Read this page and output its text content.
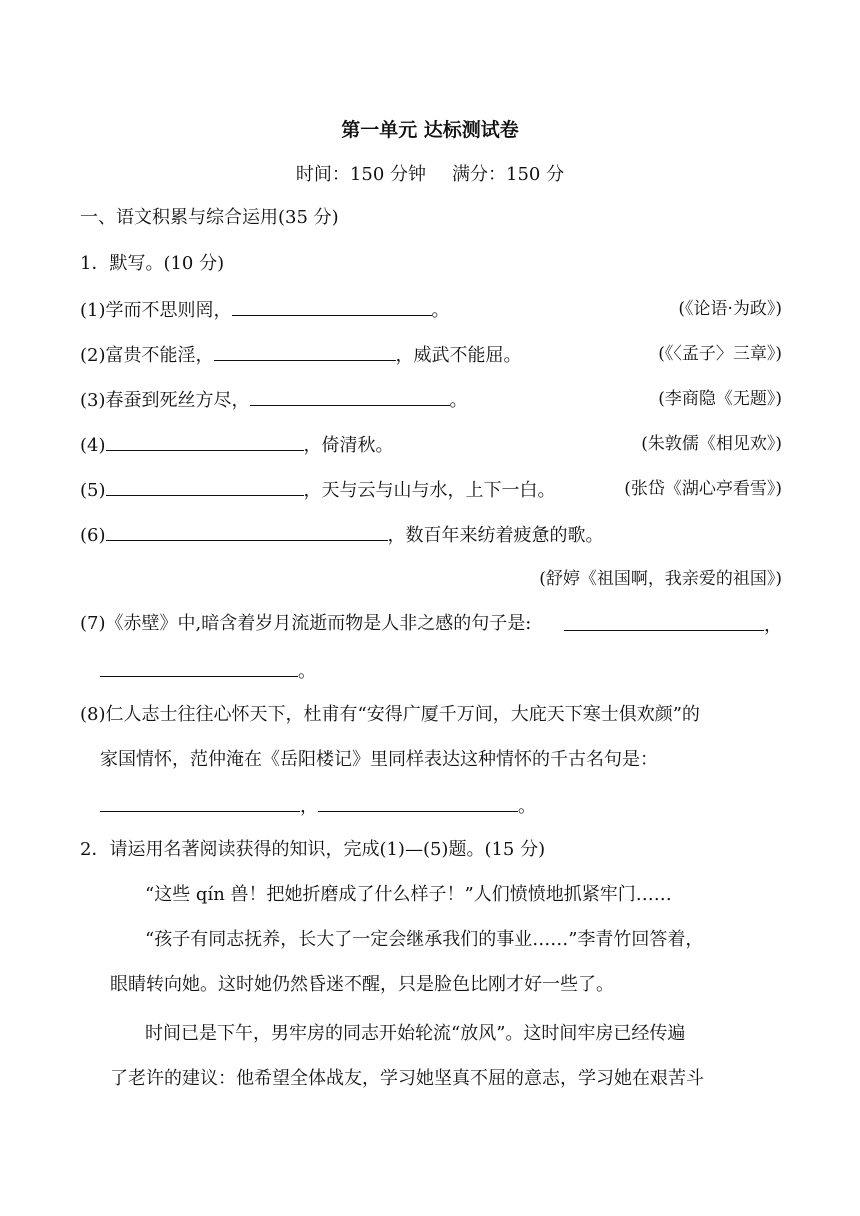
第一单元 达标测试卷
时间：150 分钟 满分：150 分
一、语文积累与综合运用(35 分)
1．默写。(10 分)
(1)学而不思则罔，	。	(《论语·为政》)
(2)富贵不能淫，	，威武不能屈。	(《〈孟子〉三章》)
(3)春蚕到死丝方尽，	。	(李商隐《无题》)
(4)	，倚清秋。	(朱敦儒《相见欢》)
(5)	，天与云与山与水，上下一白。	(张岱《湖心亭看雪》)
(6)	，数百年来纺着疲惫的歌。
(舒婷《祖国啊，我亲爱的祖国》)
(7)《赤壁》中,暗含着岁月流逝而物是人非之感的句子是:	，
。
(8)仁人志士往往心怀天下，杜甫有“安得广厦千万间，大庇天下寒士俱欢颜”的
家国情怀，范仲淹在《岳阳楼记》里同样表达这种情怀的千古名句是：
，	。
2．请运用名著阅读获得的知识，完成(1)—(5)题。(15 分)
“这些 qín 兽！把她折磨成了什么样子！”人们愤愤地抓紧牢门……
“孩子有同志抚养，长大了一定会继承我们的事业……”李青竹回答着，
眼睛转向她。这时她仍然昏迷不醒，只是脸色比刚才好一些了。
时间已是下午，男牢房的同志开始轮流“放风”。这时间牢房已经传遍
了老许的建议：他希望全体战友，学习她坚真不屈的意志，学习她在艰苦斗
